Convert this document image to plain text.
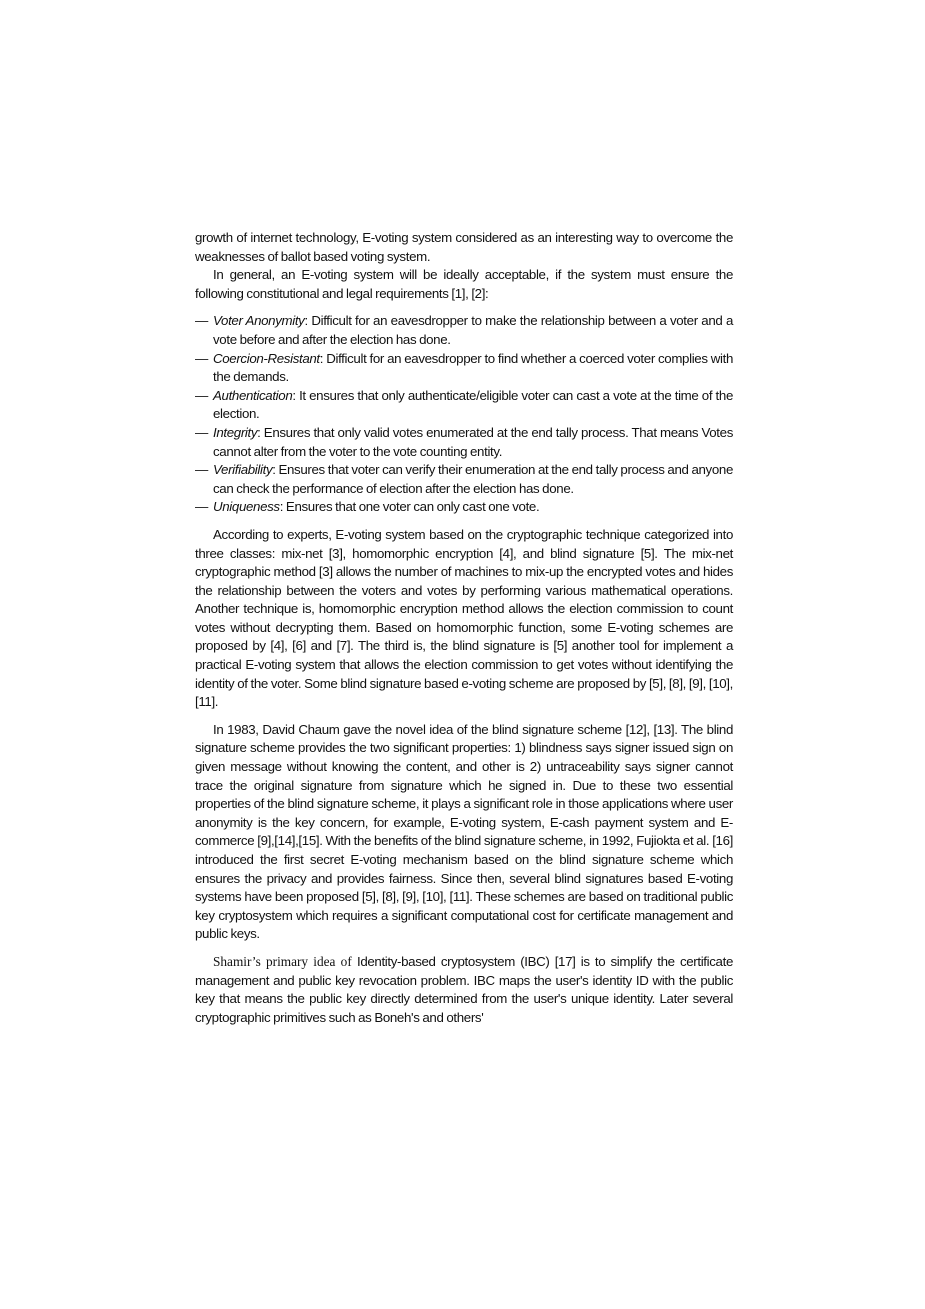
growth of internet technology, E-voting system considered as an interesting way to overcome the weaknesses of ballot based voting system.

In general, an E-voting system will be ideally acceptable, if the system must ensure the following constitutional and legal requirements [1], [2]:

— Voter Anonymity: Difficult for an eavesdropper to make the relationship between a voter and a vote before and after the election has done.
— Coercion-Resistant: Difficult for an eavesdropper to find whether a coerced voter complies with the demands.
— Authentication: It ensures that only authenticate/eligible voter can cast a vote at the time of the election.
— Integrity: Ensures that only valid votes enumerated at the end tally process. That means Votes cannot alter from the voter to the vote counting entity.
— Verifiability: Ensures that voter can verify their enumeration at the end tally process and anyone can check the performance of election after the election has done.
— Uniqueness: Ensures that one voter can only cast one vote.

According to experts, E-voting system based on the cryptographic technique categorized into three classes: mix-net [3], homomorphic encryption [4], and blind signature [5]. The mix-net cryptographic method [3] allows the number of machines to mix-up the encrypted votes and hides the relationship between the voters and votes by performing various mathematical operations. Another technique is, homomorphic encryption method allows the election commission to count votes without decrypting them. Based on homomorphic function, some E-voting schemes are proposed by [4], [6] and [7]. The third is, the blind signature is [5] another tool for implement a practical E-voting system that allows the election commission to get votes without identifying the identity of the voter. Some blind signature based e-voting scheme are proposed by [5], [8], [9], [10], [11].

In 1983, David Chaum gave the novel idea of the blind signature scheme [12], [13]. The blind signature scheme provides the two significant properties: 1) blindness says signer issued sign on given message without knowing the content, and other is 2) untraceability says signer cannot trace the original signature from signature which he signed in. Due to these two essential properties of the blind signature scheme, it plays a significant role in those applications where user anonymity is the key concern, for example, E-voting system, E-cash payment system and E-commerce [9],[14],[15]. With the benefits of the blind signature scheme, in 1992, Fujiokta et al. [16] introduced the first secret E-voting mechanism based on the blind signature scheme which ensures the privacy and provides fairness. Since then, several blind signatures based E-voting systems have been proposed [5], [8], [9], [10], [11]. These schemes are based on traditional public key cryptosystem which requires a significant computational cost for certificate management and public keys.

Shamir’s primary idea of Identity-based cryptosystem (IBC) [17] is to simplify the certificate management and public key revocation problem. IBC maps the user's identity ID with the public key that means the public key directly determined from the user's unique identity. Later several cryptographic primitives such as Boneh's and others'
